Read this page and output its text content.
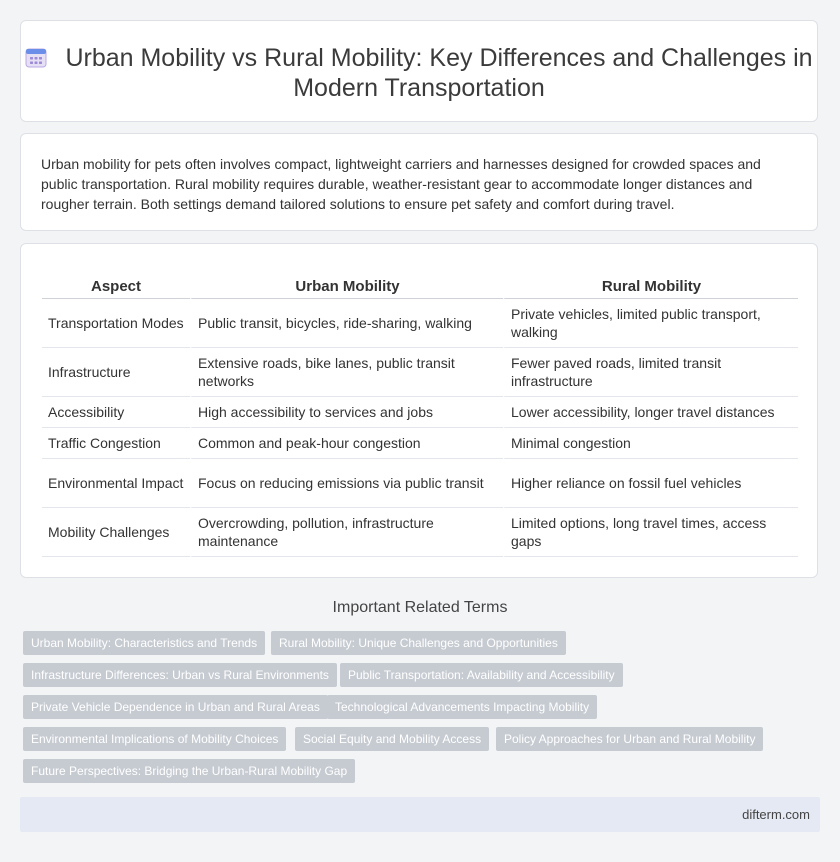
Urban Mobility vs Rural Mobility: Key Differences and Challenges in Modern Transportation
Urban mobility for pets often involves compact, lightweight carriers and harnesses designed for crowded spaces and public transportation. Rural mobility requires durable, weather-resistant gear to accommodate longer distances and rougher terrain. Both settings demand tailored solutions to ensure pet safety and comfort during travel.
Aspect	Urban Mobility	Rural Mobility
Transportation Modes	Public transit, bicycles, ride-sharing, walking	Private vehicles, limited public transport, walking
Infrastructure	Extensive roads, bike lanes, public transit networks	Fewer paved roads, limited transit infrastructure
Accessibility	High accessibility to services and jobs	Lower accessibility, longer travel distances
Traffic Congestion	Common and peak-hour congestion	Minimal congestion
Environmental Impact	Focus on reducing emissions via public transit	Higher reliance on fossil fuel vehicles
Mobility Challenges	Overcrowding, pollution, infrastructure maintenance	Limited options, long travel times, access gaps
Important Related Terms
Urban Mobility: Characteristics and Trends	Rural Mobility: Unique Challenges and Opportunities
Infrastructure Differences: Urban vs Rural Environments	Public Transportation: Availability and Accessibility
Private Vehicle Dependence in Urban and Rural Areas	Technological Advancements Impacting Mobility
Environmental Implications of Mobility Choices	Social Equity and Mobility Access	Policy Approaches for Urban and Rural Mobility
Future Perspectives: Bridging the Urban-Rural Mobility Gap
difterm.com
